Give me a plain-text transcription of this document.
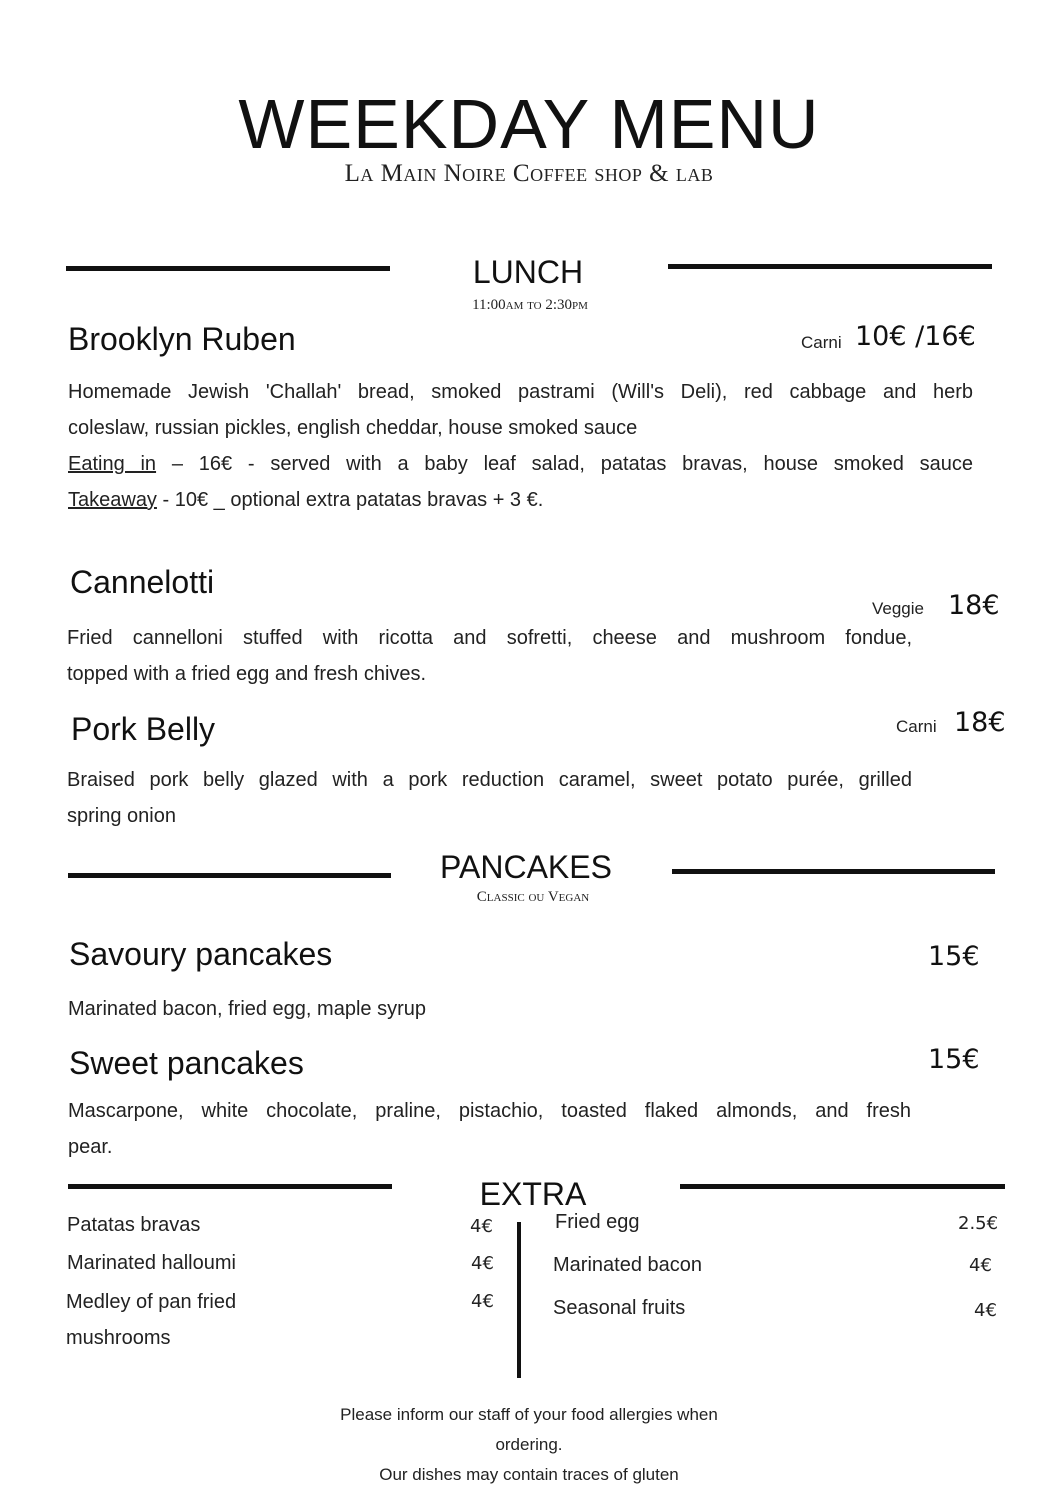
WEEKDAY MENU
La Main Noire Coffee shop & lab
LUNCH
11:00am to 2:30pm
Brooklyn Ruben	Carni 10€ /16€
Homemade Jewish 'Challah' bread, smoked pastrami (Will's Deli), red cabbage and herb
coleslaw, russian pickles, english cheddar, house smoked sauce
Eating in – 16€ - served with a baby leaf salad, patatas bravas, house smoked sauce
Takeaway - 10€ _ optional extra patatas bravas + 3 €.
Cannelotti
Veggie 18€
Fried cannelloni stuffed with ricotta and sofretti, cheese and mushroom fondue,
topped with a fried egg and fresh chives.
Pork Belly	Carni 18€
Braised pork belly glazed with a pork reduction caramel, sweet potato purée, grilled
spring onion
PANCAKES
Classic ou Vegan
Savoury pancakes	15€
Marinated bacon, fried egg, maple syrup
Sweet pancakes	15€
Mascarpone, white chocolate, praline, pistachio, toasted flaked almonds, and fresh
pear.
EXTRA
Patatas bravas	4€
Marinated halloumi	4€
Medley of pan fried
mushrooms
4€
Fried egg	2.5€
Marinated bacon	4€
Seasonal fruits	4€
Please inform our staff of your food allergies when
ordering.
Our dishes may contain traces of gluten
